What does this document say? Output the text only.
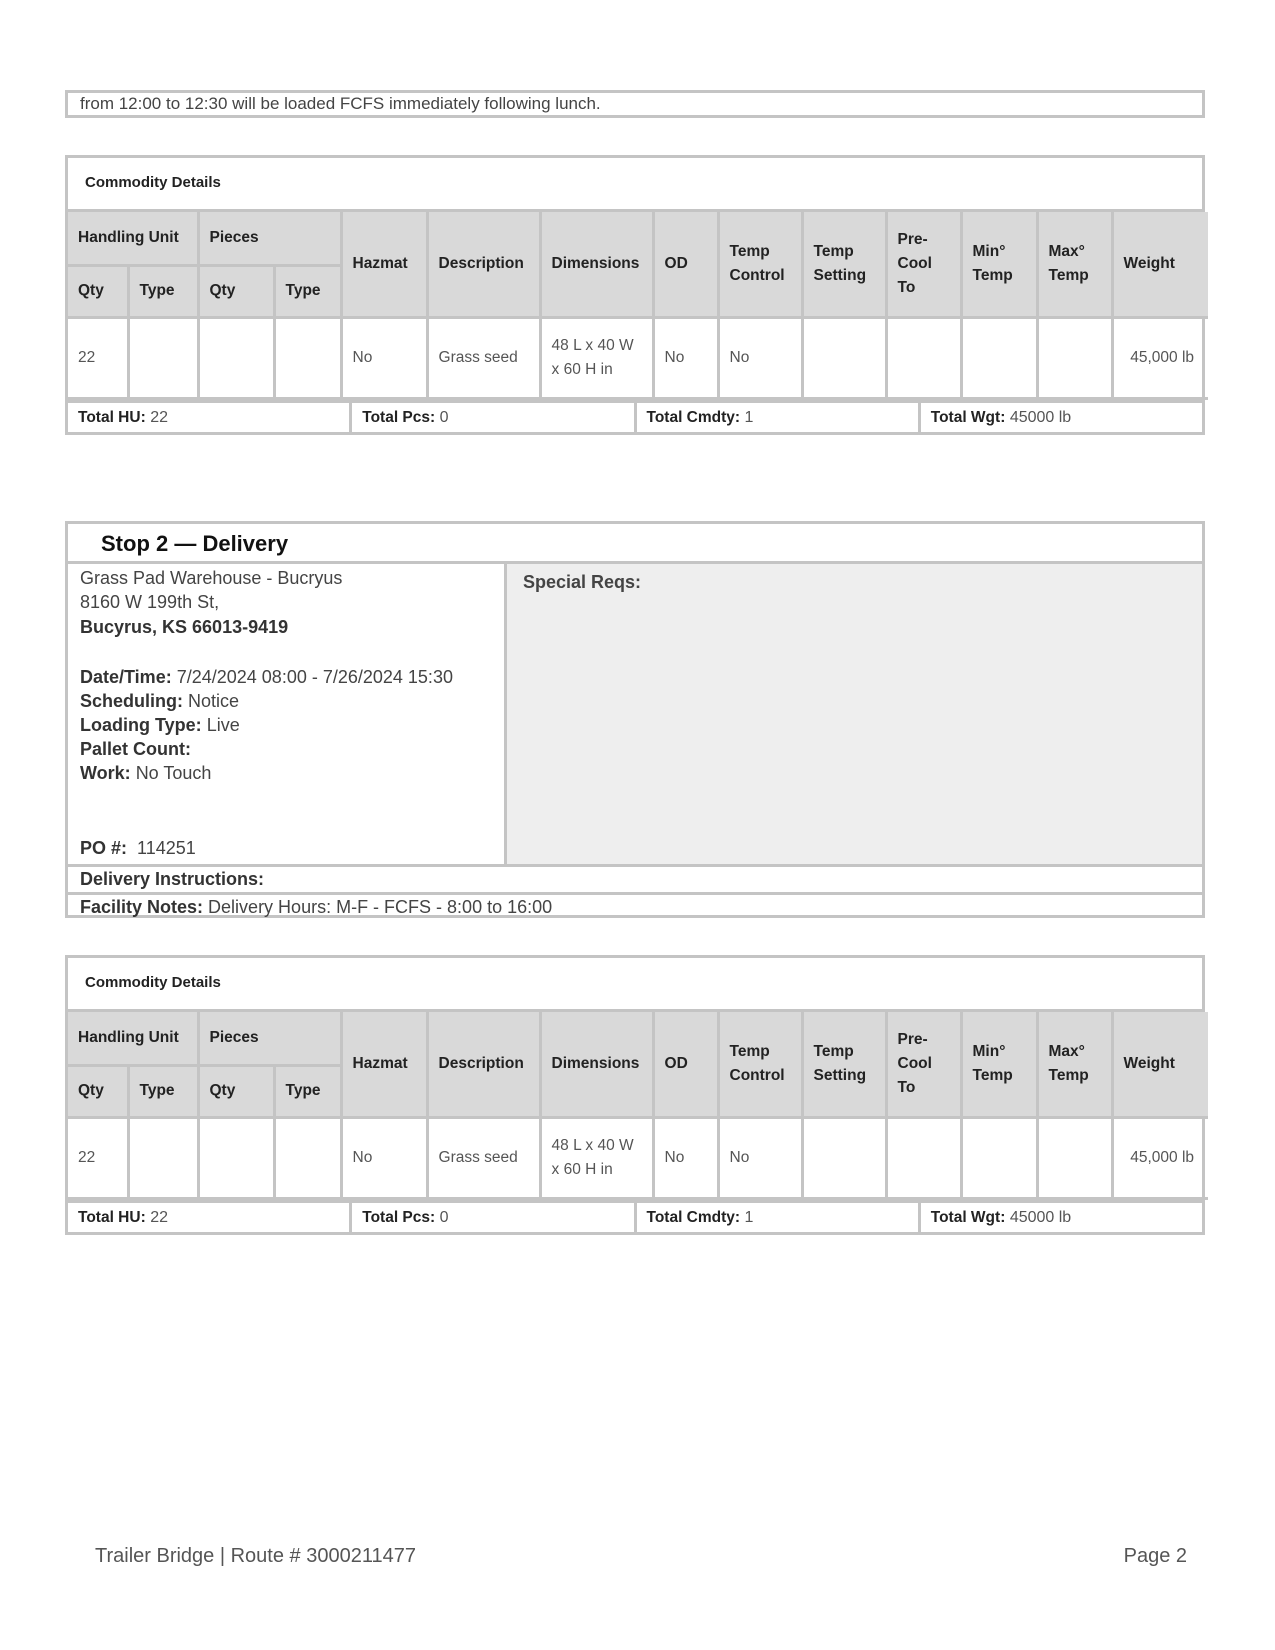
from 12:00 to 12:30 will be loaded FCFS immediately following lunch.
Commodity Details
Handling Unit		Pieces		Hazmat	Description	Dimensions	OD	Temp Control	Temp Setting	Pre-Cool To	Min° Temp	Max° Temp	Weight
Qty	Type	Qty	Type										
22				No	Grass seed	48 L x 40 W x 60 H in	No	No					45,000 lb
Total HU: 22	Total Pcs: 0	Total Cmdty: 1	Total Wgt: 45000 lb
Stop 2 — Delivery
Grass Pad Warehouse - Bucryus
8160 W 199th St,
Bucyrus, KS 66013-9419
Date/Time: 7/24/2024 08:00 - 7/26/2024 15:30
Scheduling: Notice
Loading Type: Live
Pallet Count:
Work: No Touch
PO #: 114251
Special Reqs:
Delivery Instructions:
Facility Notes: Delivery Hours: M-F - FCFS - 8:00 to 16:00
Commodity Details
Handling Unit		Pieces		Hazmat	Description	Dimensions	OD	Temp Control	Temp Setting	Pre-Cool To	Min° Temp	Max° Temp	Weight
Qty	Type	Qty	Type										
22				No	Grass seed	48 L x 40 W x 60 H in	No	No					45,000 lb
Total HU: 22	Total Pcs: 0	Total Cmdty: 1	Total Wgt: 45000 lb
Trailer Bridge | Route # 3000211477	Page 2
